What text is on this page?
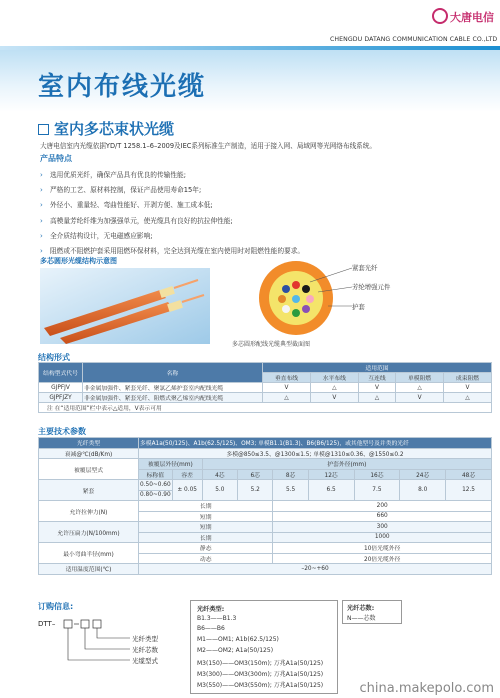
大唐电信
CHENGDU DATANG COMMUNICATION CABLE CO.,LTD
室内布线光缆
室内多芯束状光缆
大唐电信室内光缆依据YD/T 1258.1–6–2009及IEC系列标准生产制造，适用于接入网、局域网等光网络布线系统。
产品特点
› 选用优质光纤，确保产品具有优良的传输性能;
› 严格的工艺、原材料控制，保证产品使用寿命15年;
› 外径小、重量轻、弯曲性能好、开剥方便、施工成本低;
› 高模量芳纶纤维为加强强单元，使光缆具有良好的抗拉伸性能;
› 全介质结构设计，无电磁感应影响;
› 阻燃或不阻燃护套采用阻燃环保材料，完全达到光缆在室内使用时对阻燃性能的要求。
多芯圆形光缆结构示意图
紧套光纤
芳纶增强元件
护套
多芯圆形配线光缆典型截面图
结构形式
结构型式代号	名称	适用范围				
		垂直布线	水平布线	互连线	单模阻燃	成束阻燃
GJPFJV	非金属加强件、紧套光纤、聚氯乙烯护套室内配线光缆	V	△	V	△	V
GJPFJZY	非金属加强件、紧套光纤、阻燃式聚乙烯室内配线光缆	△	V	△	V	△
注 在“适用范围”栏中表示△适用，V表示可用						
主要技术参数
光纤类型	多模A1a(50/125)、A1b(62.5/125)、OM3; 单模B1.1(B1.3)、B6(B6/125)，或其他型号及并类的光纤								
衰减@℃(dB/Km)	多模@850≤3.5、@1300≤1.5; 单模@1310≤0.36、@1550≤0.2								
被覆层型式	被覆层外径(mm)		护套外径(mm)						
	标称值	容差	4芯	6芯	8芯	12芯	16芯	24芯	48芯
紧套	0.50~0.60	± 0.05	5.0	5.2	5.5	6.5	7.5	8.0	12.5
	0.80~0.90								
允许拉伸力(N)	长期				200				
	短期				660				
允许压扁力(N/100mm)	短期				300				
	长期				1000				
最小弯曲半径(mm)	静态				10倍光缆外径				
	动态				20倍光缆外径				
适用温度范围(℃)	–20~+60								
订购信息:
DTT–
光纤类型
光纤芯数
光缆型式
光纤类型:
B1.3——B1.3
B6——B6
M1——OM1; A1b(62.5/125)
M2——OM2; A1a(50/125)
M3(150)——OM3(150m); 万兆A1a(50/125)
M3(300)——OM3(300m); 万兆A1a(50/125)
M3(550)——OM3(550m); 万兆A1a(50/125)
光纤芯数:
N——芯数
china.makepolo.com
